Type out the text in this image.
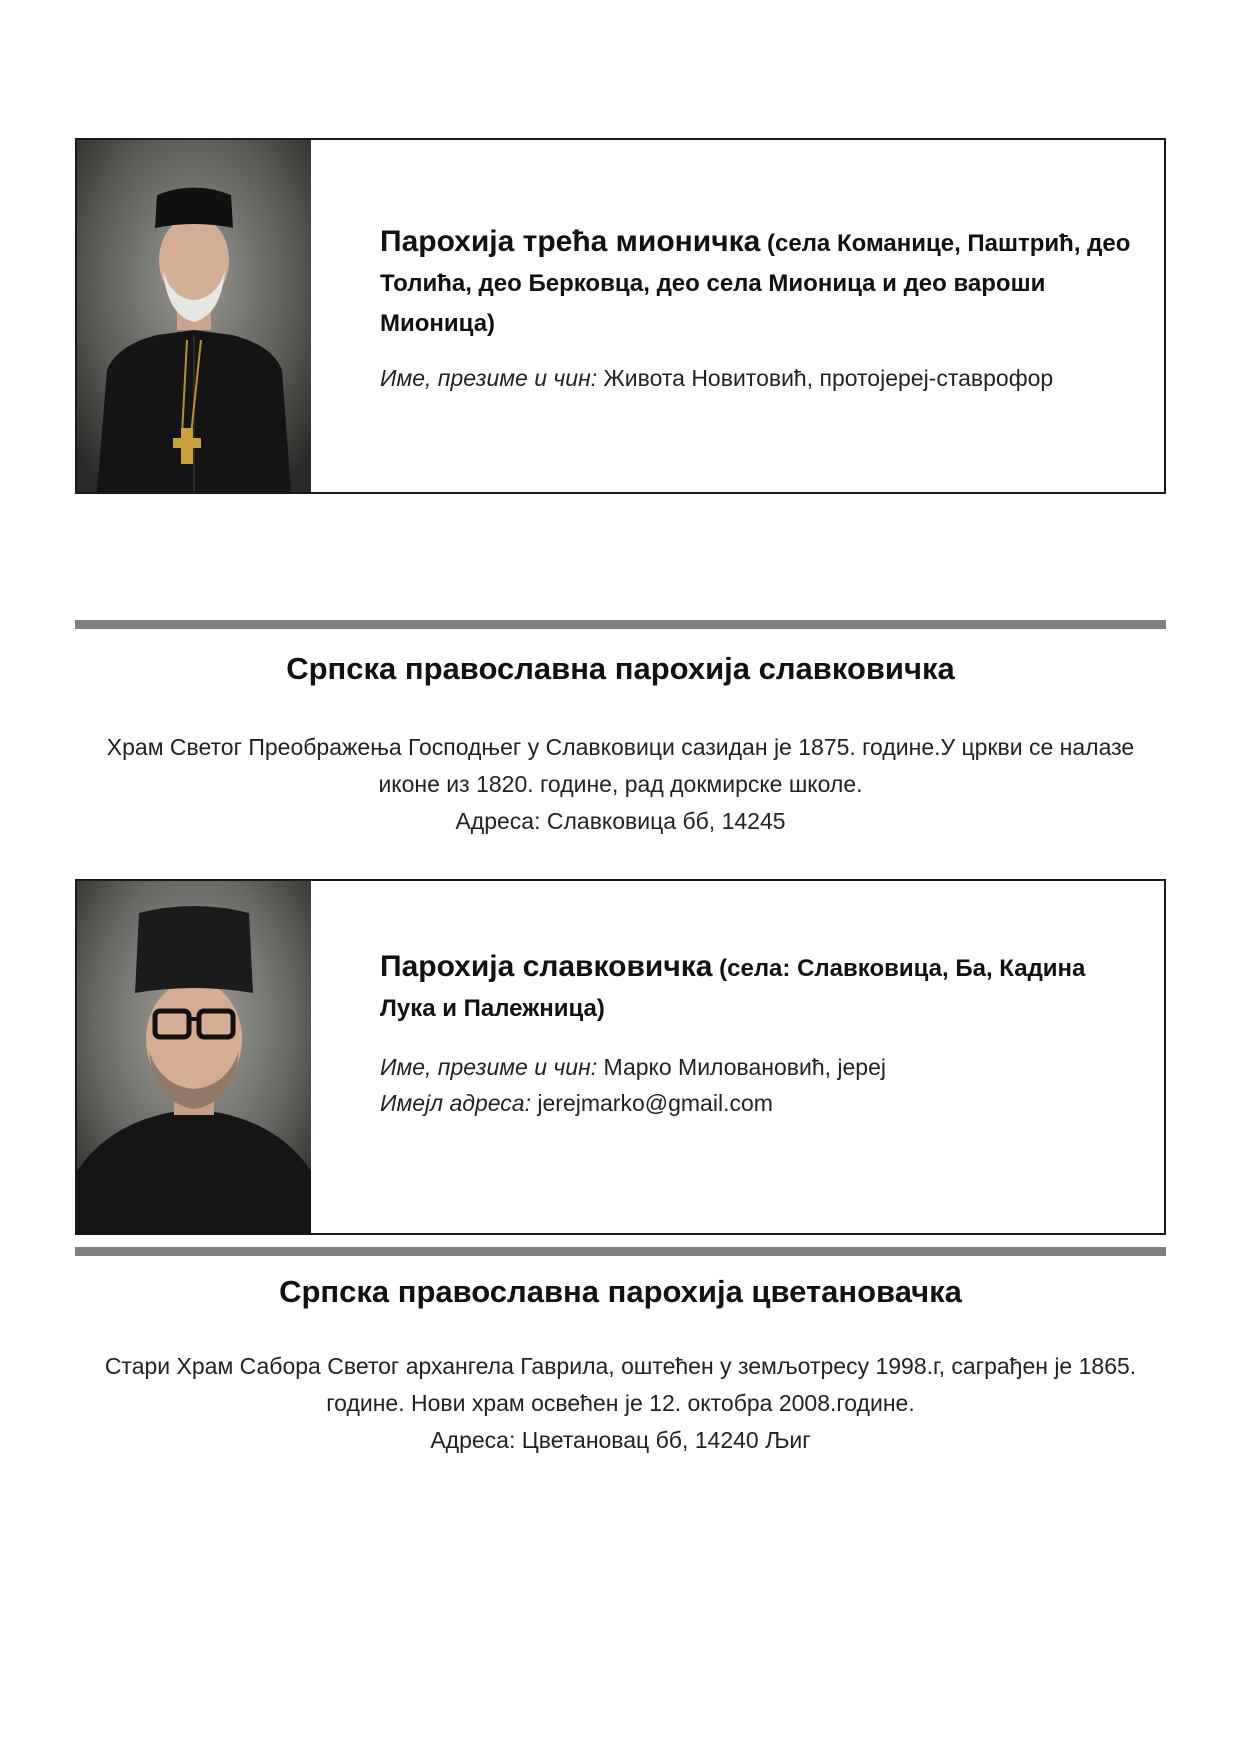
Парохија трећа мионичка (села Команице, Паштрић, део Толића, део Берковца, део села Мионица и део вароши Мионица)

Име, презиме и чин: Живота Новитовић, протојереј-ставрофор

Српска православна парохија славковичка

Храм Светог Преображења Господњег у Славковици сазидан је 1875. године.У цркви се налазе
иконе из 1820. године, рад докмирске школе.
Адреса: Славковица бб, 14245

Парохија славковичка (села: Славковица, Ба, Кадина Лука и Палежница)

Име, презиме и чин: Марко Миловановић, јереј

Имејл адреса: jerejmarko@gmail.com

Српска православна парохија цветановачка

Стари Храм Сабора Светог архангела Гаврила, оштећен у земљотресу 1998.г, саграђен је 1865.
године. Нови храм освећен је 12. октобра 2008.године.
Адреса: Цветановац бб, 14240 Љиг
